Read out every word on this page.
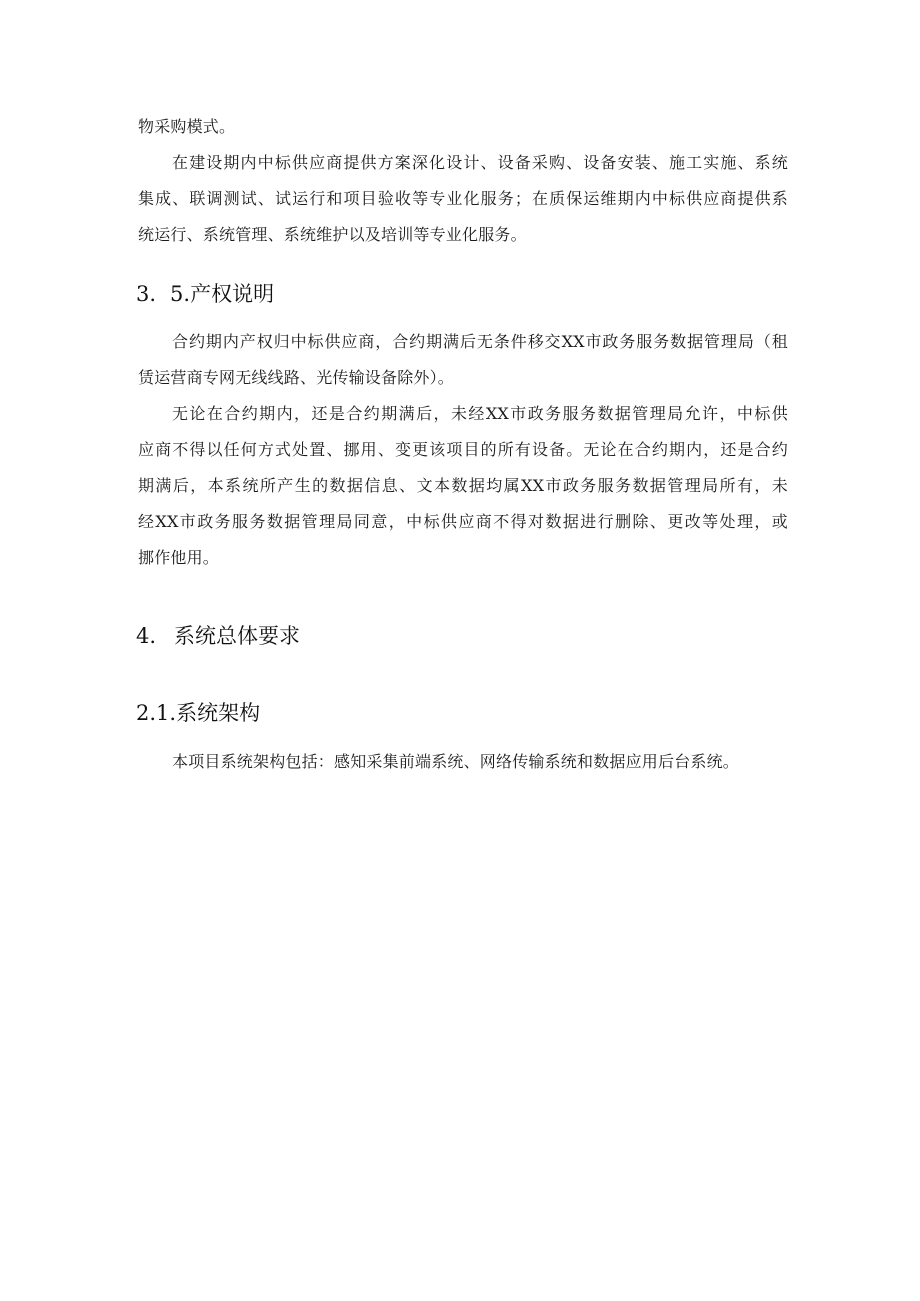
物采购模式。
在建设期内中标供应商提供方案深化设计、设备采购、设备安装、施工实施、系统
集成、联调测试、试运行和项目验收等专业化服务；在质保运维期内中标供应商提供系
统运行、系统管理、系统维护以及培训等专业化服务。
3. 5.产权说明
合约期内产权归中标供应商，合约期满后无条件移交XX市政务服务数据管理局（租
赁运营商专网无线线路、光传输设备除外）。
无论在合约期内，还是合约期满后，未经XX市政务服务数据管理局允许，中标供
应商不得以任何方式处置、挪用、变更该项目的所有设备。无论在合约期内，还是合约
期满后，本系统所产生的数据信息、文本数据均属XX市政务服务数据管理局所有，未
经XX市政务服务数据管理局同意，中标供应商不得对数据进行删除、更改等处理，或
挪作他用。
4. 系统总体要求
2.1.系统架构
本项目系统架构包括：感知采集前端系统、网络传输系统和数据应用后台系统。
